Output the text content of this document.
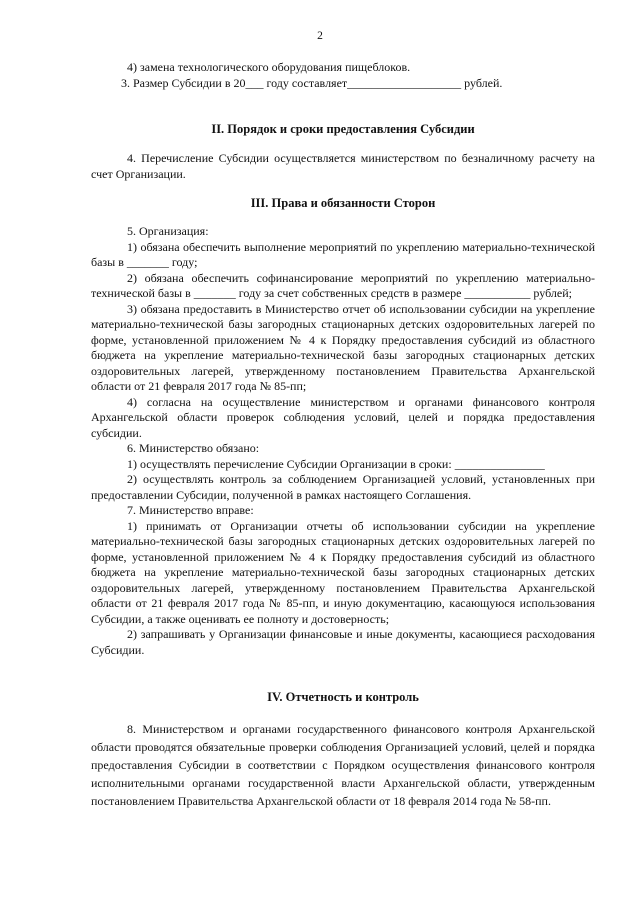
2

4) замена технологического оборудования пищеблоков.

3. Размер Субсидии в 20___ году составляет___________________ рублей.

II. Порядок и сроки предоставления Субсидии

4. Перечисление Субсидии осуществляется министерством по безналичному расчету на счет Организации.

III. Права и обязанности Сторон

5. Организация:

1) обязана обеспечить выполнение мероприятий по укреплению материально-технической базы в _______ году;

2) обязана обеспечить софинансирование мероприятий по укреплению материально-технической базы в _______ году за счет собственных средств в размере ___________ рублей;

3) обязана предоставить в Министерство отчет об использовании субсидии на укрепление материально-технической базы загородных стационарных детских оздоровительных лагерей по форме, установленной приложением № 4 к Порядку предоставления субсидий из областного бюджета на укрепление материально-технической базы загородных стационарных детских оздоровительных лагерей, утвержденному постановлением Правительства Архангельской области от 21 февраля 2017 года № 85-пп;

4) согласна на осуществление министерством и органами финансового контроля Архангельской области проверок соблюдения условий, целей и порядка предоставления субсидии.

6. Министерство обязано:

1) осуществлять перечисление Субсидии Организации в сроки: _______________

2) осуществлять контроль за соблюдением Организацией условий, установленных при предоставлении Субсидии, полученной в рамках настоящего Соглашения.

7. Министерство вправе:

1) принимать от Организации отчеты об использовании субсидии на укрепление материально-технической базы загородных стационарных детских оздоровительных лагерей по форме, установленной приложением № 4 к Порядку предоставления субсидий из областного бюджета на укрепление материально-технической базы загородных стационарных детских оздоровительных лагерей, утвержденному постановлением Правительства Архангельской области от 21 февраля 2017 года № 85-пп, и иную документацию, касающуюся использования Субсидии, а также оценивать ее полноту и достоверность;

2) запрашивать у Организации финансовые и иные документы, касающиеся расходования Субсидии.

IV. Отчетность и контроль

8. Министерством и органами государственного финансового контроля Архангельской области проводятся обязательные проверки соблюдения Организацией условий, целей и порядка предоставления Субсидии в соответствии с Порядком осуществления финансового контроля исполнительными органами государственной власти Архангельской области, утвержденным постановлением Правительства Архангельской области от 18 февраля 2014 года № 58-пп.
